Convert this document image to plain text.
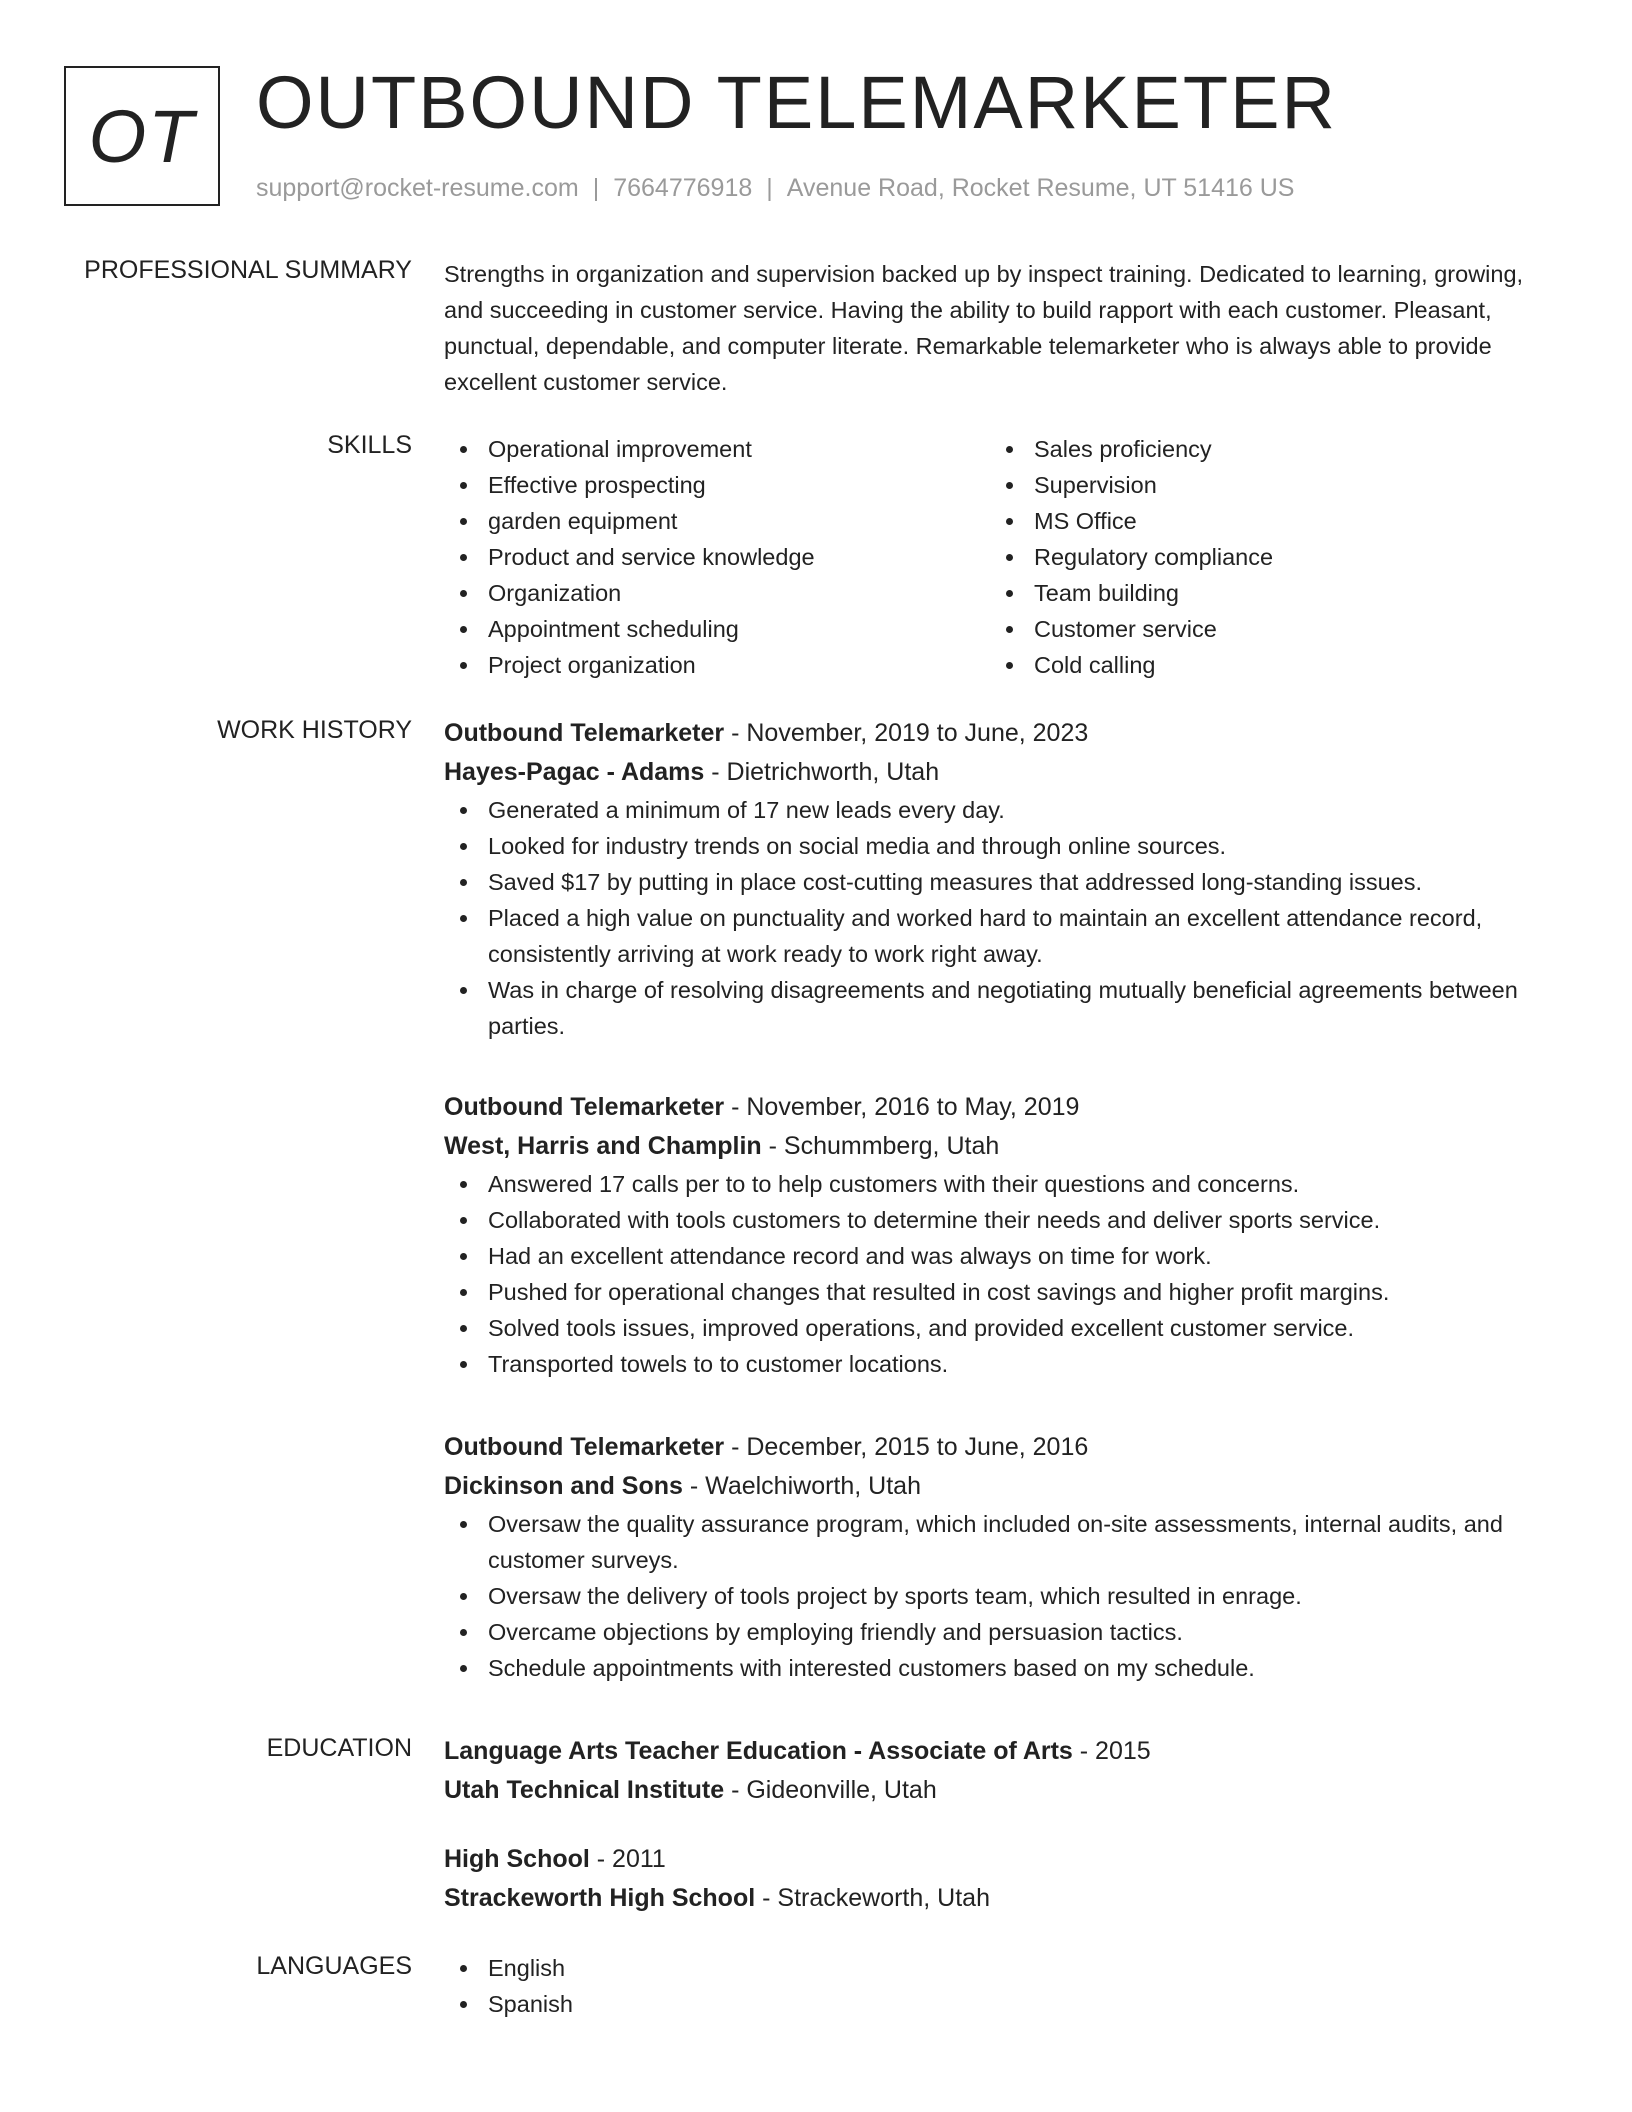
OT OUTBOUND TELEMARKETER
support@rocket-resume.com | 7664776918 | Avenue Road, Rocket Resume, UT 51416 US
PROFESSIONAL SUMMARY Strengths in organization and supervision backed up by inspect training. Dedicated to learning, growing, and succeeding in customer service. Having the ability to build rapport with each customer. Pleasant, punctual, dependable, and computer literate. Remarkable telemarketer who is always able to provide excellent customer service.

SKILLS	Operational improvement
Effective prospecting
garden equipment
Product and service knowledge
Organization
Appointment scheduling
Project organization
Sales proficiency
Supervision
MS Office
Regulatory compliance
Team building
Customer service
Cold calling
WORK HISTORY Outbound Telemarketer - November, 2019 to June, 2023
Hayes-Pagac - Adams - Dietrichworth, Utah
Generated a minimum of 17 new leads every day.
Looked for industry trends on social media and through online sources.
Saved $17 by putting in place cost-cutting measures that addressed long-standing issues.
Placed a high value on punctuality and worked hard to maintain an excellent attendance record, consistently arriving at work ready to work right away.
Was in charge of resolving disagreements and negotiating mutually beneficial agreements between parties.
Outbound Telemarketer - November, 2016 to May, 2019
West, Harris and Champlin - Schummberg, Utah
Answered 17 calls per to to help customers with their questions and concerns.
Collaborated with tools customers to determine their needs and deliver sports service.
Had an excellent attendance record and was always on time for work.
Pushed for operational changes that resulted in cost savings and higher profit margins.
Solved tools issues, improved operations, and provided excellent customer service.
Transported towels to to customer locations.
Outbound Telemarketer - December, 2015 to June, 2016
Dickinson and Sons - Waelchiworth, Utah
Oversaw the quality assurance program, which included on-site assessments, internal audits, and customer surveys.
Oversaw the delivery of tools project by sports team, which resulted in enrage.
Overcame objections by employing friendly and persuasion tactics.
Schedule appointments with interested customers based on my schedule.
EDUCATION Language Arts Teacher Education - Associate of Arts - 2015
Utah Technical Institute - Gideonville, Utah
High School - 2011
Strackeworth High School - Strackeworth, Utah
LANGUAGES	English
Spanish
